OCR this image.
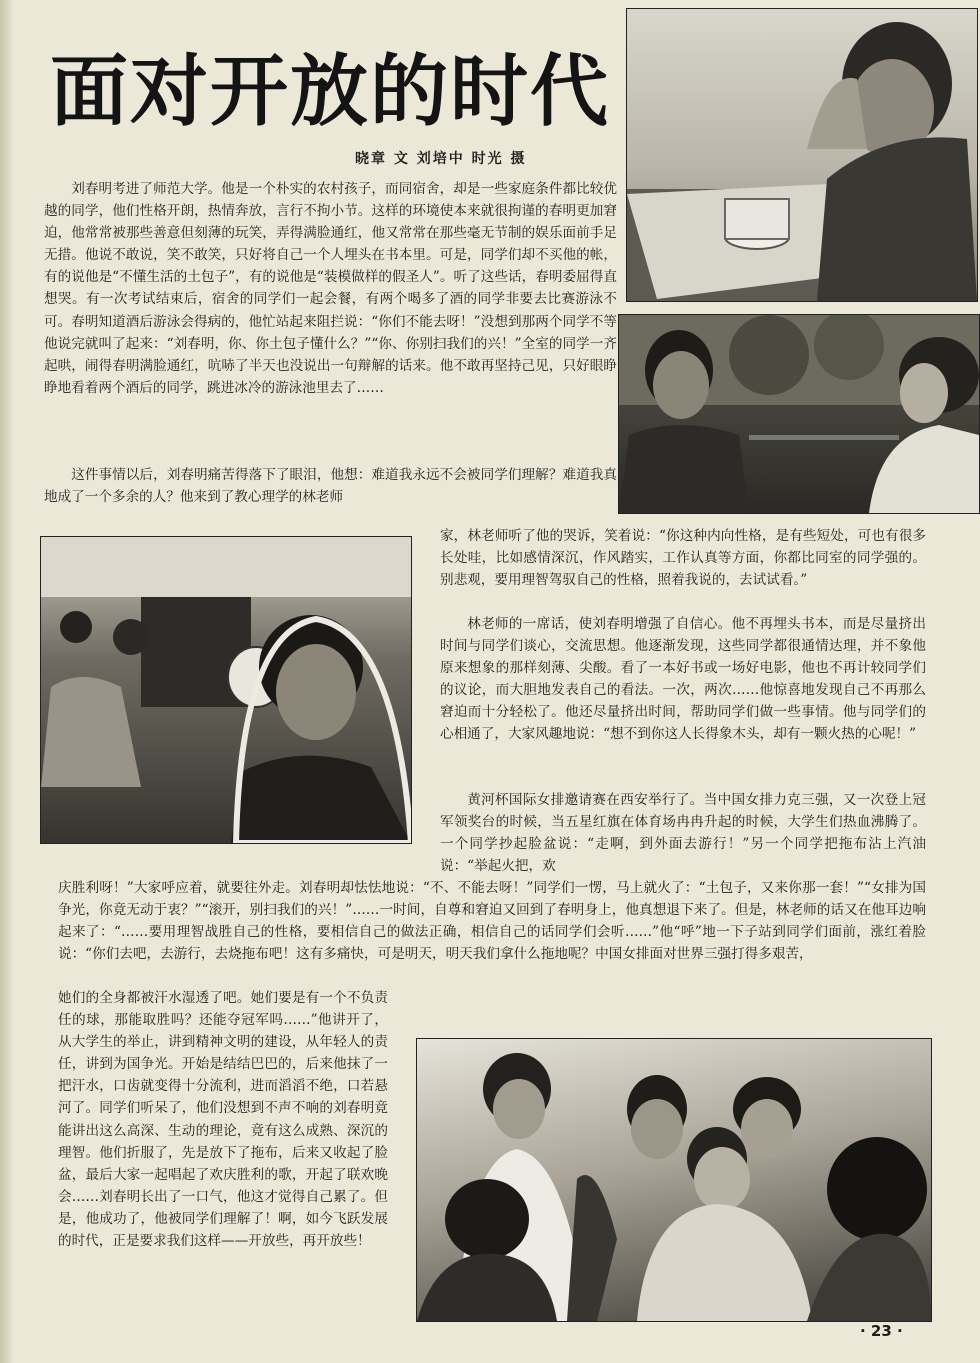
面对开放的时代
晓章 文 刘培中 时光 摄

刘春明考进了师范大学。他是一个朴实的农村孩子，而同宿舍，却是一些家庭条件都比较优越的同学，他们性格开朗，热情奔放，言行不拘小节。这样的环境使本来就很拘谨的春明更加窘迫，他常常被那些善意但刻薄的玩笑，弄得满脸通红，他又常常在那些毫无节制的娱乐面前手足无措。他说不敢说，笑不敢笑，只好将自己一个人埋头在书本里。可是，同学们却不买他的帐，有的说他是“不懂生活的土包子”，有的说他是“装模做样的假圣人”。听了这些话，春明委屈得直想哭。有一次考试结束后，宿舍的同学们一起会餐，有两个喝多了酒的同学非要去比赛游泳不可。春明知道酒后游泳会得病的，他忙站起来阻拦说：“你们不能去呀！”没想到那两个同学不等他说完就叫了起来：“刘春明，你、你土包子懂什么？”“你、你别扫我们的兴！”全室的同学一齐起哄，闹得春明满脸通红，吭哧了半天也没说出一句辩解的话来。他不敢再坚持己见，只好眼睁睁地看着两个酒后的同学，跳进冰冷的游泳池里去了……

这件事情以后，刘春明痛苦得落下了眼泪，他想：难道我永远不会被同学们理解？难道我真地成了一个多余的人？他来到了教心理学的林老师

家，林老师听了他的哭诉，笑着说：“你这种内向性格，是有些短处，可也有很多长处哇，比如感情深沉，作风踏实，工作认真等方面，你都比同室的同学强的。别悲观，要用理智驾驭自己的性格，照着我说的，去试试看。”

林老师的一席话，使刘春明增强了自信心。他不再埋头书本，而是尽量挤出时间与同学们谈心，交流思想。他逐渐发现，这些同学都很通情达理，并不象他原来想象的那样刻薄、尖酸。看了一本好书或一场好电影，他也不再计较同学们的议论，而大胆地发表自己的看法。一次，两次……他惊喜地发现自己不再那么窘迫而十分轻松了。他还尽量挤出时间，帮助同学们做一些事情。他与同学们的心相通了，大家风趣地说：“想不到你这人长得象木头，却有一颗火热的心呢！”

黄河杯国际女排邀请赛在西安举行了。当中国女排力克三强，又一次登上冠军领奖台的时候，当五星红旗在体育场冉冉升起的时候，大学生们热血沸腾了。一个同学抄起脸盆说：“走啊，到外面去游行！”另一个同学把拖布沾上汽油说：“举起火把，欢

庆胜利呀！”大家呼应着，就要往外走。刘春明却怯怯地说：“不、不能去呀！”同学们一愣，马上就火了：“土包子，又来你那一套！”“女排为国争光，你竟无动于衷？”“滚开，别扫我们的兴！”……一时间，自尊和窘迫又回到了春明身上，他真想退下来了。但是，林老师的话又在他耳边响起来了：“……要用理智战胜自己的性格，要相信自己的做法正确，相信自己的话同学们会听……”他“呼”地一下子站到同学们面前，涨红着脸说：“你们去吧，去游行，去烧拖布吧！这有多痛快，可是明天，明天我们拿什么拖地呢？中国女排面对世界三强打得多艰苦，

她们的全身都被汗水湿透了吧。她们要是有一个不负责任的球，那能取胜吗？还能夺冠军吗……”他讲开了，从大学生的举止，讲到精神文明的建设，从年轻人的责任，讲到为国争光。开始是结结巴巴的，后来他抹了一把汗水，口齿就变得十分流利，进而滔滔不绝，口若悬河了。同学们听呆了，他们没想到不声不响的刘春明竟能讲出这么高深、生动的理论，竟有这么成熟、深沉的理智。他们折服了，先是放下了拖布，后来又收起了脸盆，最后大家一起唱起了欢庆胜利的歌，开起了联欢晚会……刘春明长出了一口气，他这才觉得自己累了。但是，他成功了，他被同学们理解了！啊，如今飞跃发展的时代，正是要求我们这样——开放些，再开放些！

· 23 ·
